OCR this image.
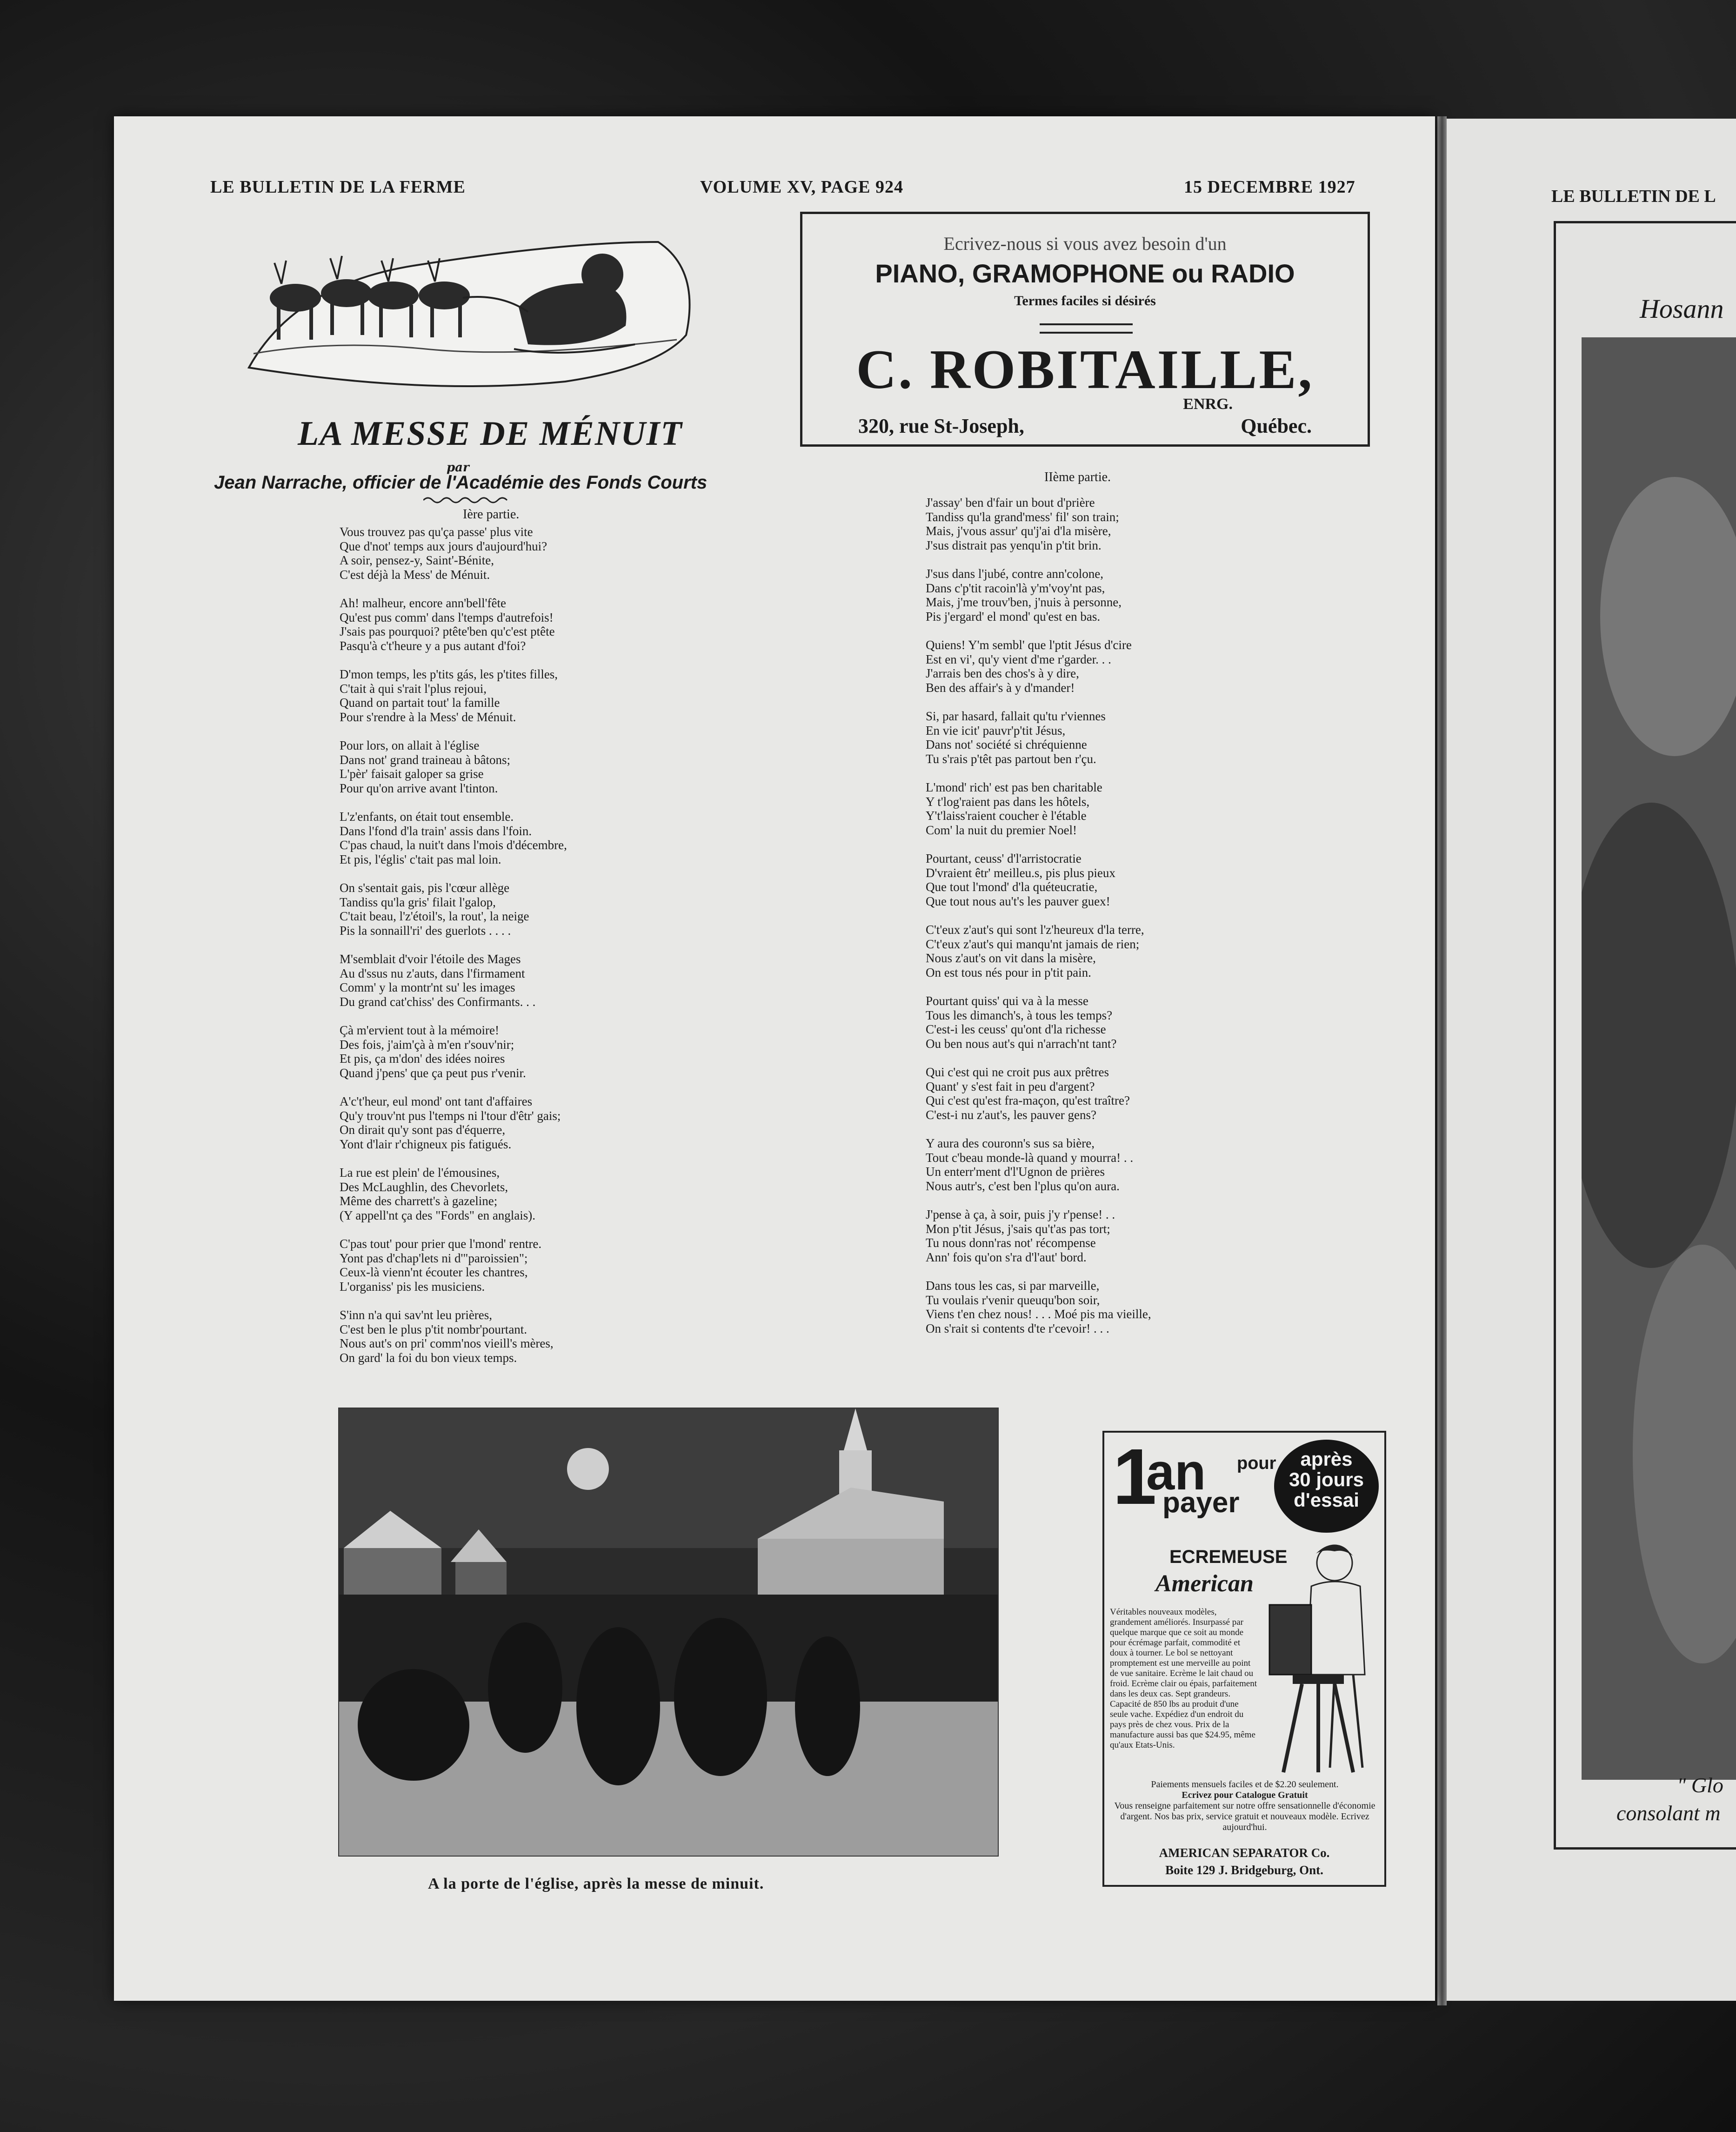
LE BULLETIN DE LA FERME	VOLUME XV, PAGE 924	15 DECEMBRE 1927
Ecrivez-nous si vous avez besoin d'un
PIANO, GRAMOPHONE ou RADIO
Termes faciles si désirés
C. ROBITAILLE,
ENRG.
320, rue St-Joseph,	Québec.
LA MESSE DE MÉNUIT
par
Jean Narrache, officier de l'Académie des Fonds Courts
Ière partie.
IIème partie.
Vous trouvez pas qu'ça passe' plus vite
Que d'not' temps aux jours d'aujourd'hui?
A soir, pensez-y, Saint'-Bénite,
C'est déjà la Mess' de Ménuit.
Ah! malheur, encore ann'bell'fête
Qu'est pus comm' dans l'temps d'autrefois!
J'sais pas pourquoi? ptête'ben qu'c'est ptête
Pasqu'à c't'heure y a pus autant d'foi?
D'mon temps, les p'tits gás, les p'tites filles,
C'tait à qui s'rait l'plus rejoui,
Quand on partait tout' la famille
Pour s'rendre à la Mess' de Ménuit.
Pour lors, on allait à l'église
Dans not' grand traineau à bâtons;
L'pèr' faisait galoper sa grise
Pour qu'on arrive avant l'tinton.
L'z'enfants, on était tout ensemble.
Dans l'fond d'la train' assis dans l'foin.
C'pas chaud, la nuit't dans l'mois d'décembre,
Et pis, l'églis' c'tait pas mal loin.
On s'sentait gais, pis l'cœur allège
Tandiss qu'la gris' filait l'galop,
C'tait beau, l'z'étoil's, la rout', la neige
Pis la sonnaill'ri' des guerlots . . . .
M'semblait d'voir l'étoile des Mages
Au d'ssus nu z'auts, dans l'firmament
Comm' y la montr'nt su' les images
Du grand cat'chiss' des Confirmants. . .
Çà m'ervient tout à la mémoire!
Des fois, j'aim'çà à m'en r'souv'nir;
Et pis, ça m'don' des idées noires
Quand j'pens' que ça peut pus r'venir.
A'c't'heur, eul mond' ont tant d'affaires
Qu'y trouv'nt pus l'temps ni l'tour d'êtr' gais;
On dirait qu'y sont pas d'équerre,
Yont d'lair r'chigneux pis fatigués.
La rue est plein' de l'émousines,
Des McLaughlin, des Chevorlets,
Même des charrett's à gazeline;
(Y appell'nt ça des "Fords" en anglais).
C'pas tout' pour prier que l'mond' rentre.
Yont pas d'chap'lets ni d'"paroissien";
Ceux-là vienn'nt écouter les chantres,
L'organiss' pis les musiciens.
S'inn n'a qui sav'nt leu prières,
C'est ben le plus p'tit nombr'pourtant.
Nous aut's on pri' comm'nos vieill's mères,
On gard' la foi du bon vieux temps.
J'assay' ben d'fair un bout d'prière
Tandiss qu'la grand'mess' fil' son train;
Mais, j'vous assur' qu'j'ai d'la misère,
J'sus distrait pas yenqu'in p'tit brin.
J'sus dans l'jubé, contre ann'colone,
Dans c'p'tit racoin'là y'm'voy'nt pas,
Mais, j'me trouv'ben, j'nuis à personne,
Pis j'ergard' el mond' qu'est en bas.
Quiens! Y'm sembl' que l'ptit Jésus d'cire
Est en vi', qu'y vient d'me r'garder. . .
J'arrais ben des chos's à y dire,
Ben des affair's à y d'mander!
Si, par hasard, fallait qu'tu r'viennes
En vie icit' pauvr'p'tit Jésus,
Dans not' société si chréquienne
Tu s'rais p'têt pas partout ben r'çu.
L'mond' rich' est pas ben charitable
Y t'log'raient pas dans les hôtels,
Y't'laiss'raient coucher è l'étable
Com' la nuit du premier Noel!
Pourtant, ceuss' d'l'arristocratie
D'vraient êtr' meilleu.s, pis plus pieux
Que tout l'mond' d'la quéteucratie,
Que tout nous au't's les pauver guex!
C't'eux z'aut's qui sont l'z'heureux d'la terre,
C't'eux z'aut's qui manqu'nt jamais de rien;
Nous z'aut's on vit dans la misère,
On est tous nés pour in p'tit pain.
Pourtant quiss' qui va à la messe
Tous les dimanch's, à tous les temps?
C'est-i les ceuss' qu'ont d'la richesse
Ou ben nous aut's qui n'arrach'nt tant?
Qui c'est qui ne croit pus aux prêtres
Quant' y s'est fait in peu d'argent?
Qui c'est qu'est fra-maçon, qu'est traître?
C'est-i nu z'aut's, les pauver gens?
Y aura des couronn's sus sa bière,
Tout c'beau monde-là quand y mourra! . .
Un enterr'ment d'l'Ugnon de prières
Nous autr's, c'est ben l'plus qu'on aura.
J'pense à ça, à soir, puis j'y r'pense! . .
Mon p'tit Jésus, j'sais qu't'as pas tort;
Tu nous donn'ras not' récompense
Ann' fois qu'on s'ra d'l'aut' bord.
Dans tous les cas, si par marveille,
Tu voulais r'venir queuqu'bon soir,
Viens t'en chez nous! . . . Moé pis ma vieille,
On s'rait si contents d'te r'cevoir! . . .
A la porte de l'église, après la messe de minuit.
1
an pour
payer
après
30 jours
d'essai
ECREMEUSE
American
Véritables nouveaux modèles, grandement améliorés. Insurpassé par quelque marque que ce soit au monde pour écrémage parfait, commodité et doux à tourner. Le bol se nettoyant promptement est une merveille au point de vue sanitaire. Ecrème le lait chaud ou froid. Ecrème clair ou épais, parfaitement dans les deux cas. Sept grandeurs. Capacité de 850 lbs au produit d'une seule vache. Expédiez d'un endroit du pays près de chez vous. Prix de la manufacture aussi bas que $24.95, même qu'aux Etats-Unis.
Paiements mensuels faciles et de $2.20 seulement.
Ecrivez pour Catalogue Gratuit
Vous renseigne parfaitement sur notre offre sensationnelle d'économie d'argent. Nos bas prix, service gratuit et nouveaux modèle. Ecrivez aujourd'hui.
AMERICAN SEPARATOR Co.
Boite 129 J. Bridgeburg, Ont.
LE BULLETIN DE L
Hosann
" Glo
consolant m
